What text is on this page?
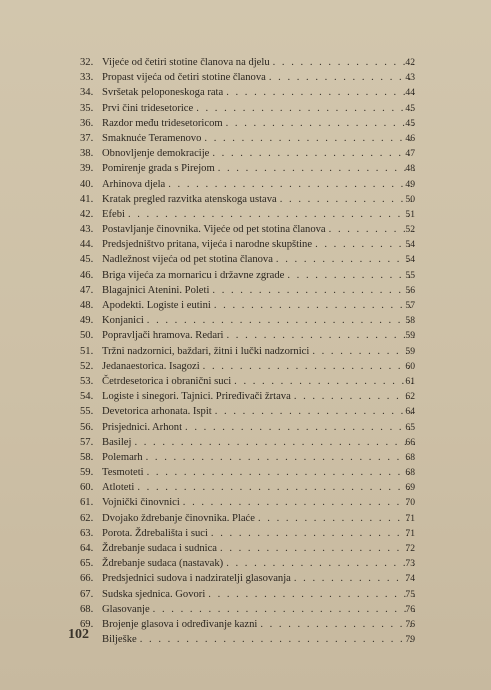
32. Vijeće od četiri stotine članova na djelu . . .	42
33. Propast vijeća od četiri stotine članova . . .	43
34. Svršetak peloponeskoga rata . . .	44
35. Prvi čini tridesetorice . . .	45
36. Razdor među tridesetoricom . . .	45
37. Smaknuće Teramenovo . . .	46
38. Obnovljenje demokracije . . .	47
39. Pomirenje grada s Pirejom . . .	48
40. Arhinova djela . . .	49
41. Kratak pregled razvitka atenskoga ustava . . .	50
42. Efebi . . .	51
43. Postavljanje činovnika. Vijeće od pet stotina članova . . .	52
44. Predsjedništvo pritana, vijeća i narodne skupštine . . .	54
45. Nadležnost vijeća od pet stotina članova . . .	54
46. Briga vijeća za mornaricu i državne zgrade . . .	55
47. Blagajnici Atenini. Poleti . . .	56
48. Apodekti. Logiste i eutini . . .	57
49. Konjanici . . .	58
50. Popravljači hramova. Redari . . .	59
51. Tržni nadzornici, baždari, žitni i lučki nadzornici . . .	59
52. Jedanaestorica. Isagozi . . .	60
53. Četrdesetorica i obranični suci . . .	61
54. Logiste i sinegori. Tajnici. Priređivači žrtava . . .	62
55. Devetorica arhonata. Ispit . . .	64
56. Prisjednici. Arhont . . .	65
57. Basilej . . .	66
58. Polemarh . . .	68
59. Tesmoteti . . .	68
60. Atloteti . . .	69
61. Vojnički činovnici . . .	70
62. Dvojako ždrebanje činovnika. Plaće . . .	71
63. Porota. Ždrebališta i suci . . .	71
64. Ždrebanje sudaca i sudnica . . .	72
65. Ždrebanje sudaca (nastavak) . . .	73
66. Predsjednici sudova i nadziratelji glasovanja . . .	74
67. Sudska sjednica. Govori . . .	75
68. Glasovanje . . .	76
69. Brojenje glasova i određivanje kazni . . .	76
Bilješke . . .	79
102
